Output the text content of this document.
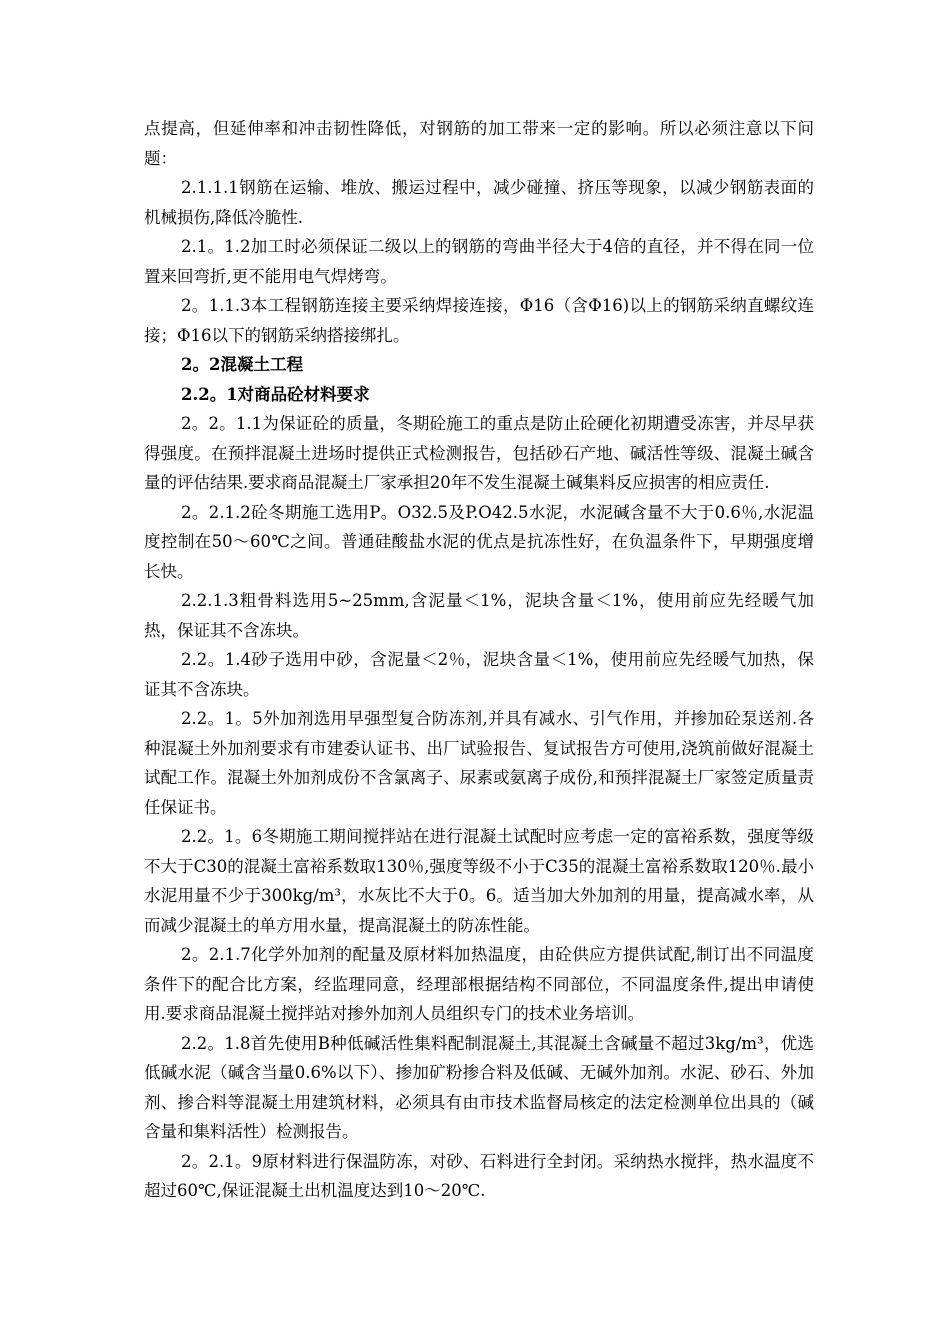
点提高，但延伸率和冲击韧性降低，对钢筋的加工带来一定的影响。所以必须注意以下问题：

2.1.1.1钢筋在运输、堆放、搬运过程中，减少碰撞、挤压等现象，以减少钢筋表面的机械损伤,降低冷脆性.

2.1。1.2加工时必须保证二级以上的钢筋的弯曲半径大于4倍的直径，并不得在同一位置来回弯折,更不能用电气焊烤弯。

2。1.1.3本工程钢筋连接主要采纳焊接连接，Φ16（含Φ16)以上的钢筋采纳直螺纹连接；Φ16以下的钢筋采纳搭接绑扎。

2。2混凝土工程

2.2。1对商品砼材料要求

2。2。1.1为保证砼的质量，冬期砼施工的重点是防止砼硬化初期遭受冻害，并尽早获得强度。在预拌混凝土进场时提供正式检测报告，包括砂石产地、碱活性等级、混凝土碱含量的评估结果.要求商品混凝土厂家承担20年不发生混凝土碱集料反应损害的相应责任.

2。2.1.2砼冬期施工选用P。O32.5及P.O42.5水泥，水泥碱含量不大于0.6％,水泥温度控制在50～60℃之间。普通硅酸盐水泥的优点是抗冻性好，在负温条件下，早期强度增长快。

2.2.1.3粗骨料选用5~25mm,含泥量＜1%，泥块含量＜1%，使用前应先经暖气加热，保证其不含冻块。

2.2。1.4砂子选用中砂，含泥量＜2％，泥块含量＜1%，使用前应先经暖气加热，保证其不含冻块。

2.2。1。5外加剂选用早强型复合防冻剂,并具有减水、引气作用，并掺加砼泵送剂.各种混凝土外加剂要求有市建委认证书、出厂试验报告、复试报告方可使用,浇筑前做好混凝土试配工作。混凝土外加剂成份不含氯离子、尿素或氨离子成份,和预拌混凝土厂家签定质量责任保证书。

2.2。1。6冬期施工期间搅拌站在进行混凝土试配时应考虑一定的富裕系数，强度等级不大于C30的混凝土富裕系数取130％,强度等级不小于C35的混凝土富裕系数取120％.最小水泥用量不少于300kg/m³，水灰比不大于0。6。适当加大外加剂的用量，提高减水率，从而减少混凝土的单方用水量，提高混凝土的防冻性能。

2。2.1.7化学外加剂的配量及原材料加热温度，由砼供应方提供试配,制订出不同温度条件下的配合比方案，经监理同意，经理部根据结构不同部位，不同温度条件,提出申请使用.要求商品混凝土搅拌站对掺外加剂人员组织专门的技术业务培训。

2.2。1.8首先使用B种低碱活性集料配制混凝土,其混凝土含碱量不超过3kg/m³，优选低碱水泥（碱含当量0.6%以下）、掺加矿粉掺合料及低碱、无碱外加剂。水泥、砂石、外加剂、掺合料等混凝土用建筑材料，必须具有由市技术监督局核定的法定检测单位出具的（碱含量和集料活性）检测报告。

2。2.1。9原材料进行保温防冻，对砂、石料进行全封闭。采纳热水搅拌，热水温度不超过60℃,保证混凝土出机温度达到10～20℃.
